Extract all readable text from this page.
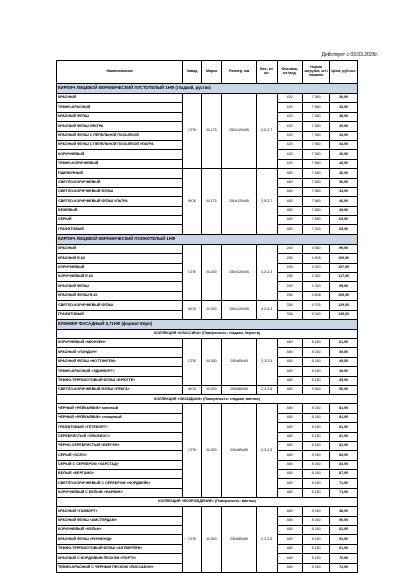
Действует с 03.03.2025г.
Наименование	Завод	Марка	Размер, мм	Вес, кг/шт.	Фасовка, шт./под.	Норма загрузки, шт./машина	Цена, руб./шт.
КИРПИЧ ЛИЦЕВОЙ КЕРАМИЧЕСКИЙ ПУСТОТЕЛЫЙ 1НФ (гладкий, рустик)							
КРАСНЫЙ	СПб	М-175	250х120х65	2,5-2,7	420	7 560	30,90
ТЕМНО-КРАСНЫЙ					420	7 560	33,90
КРАСНЫЙ ФЛЭШ					420	7 560	38,90
КРАСНЫЙ ФЛЭШ УЛЬТРА					420	7 560	40,90
КРАСНЫЙ ФЛЭШ С ПЕПЕЛЬНОЙ ПОСЫПКОЙ					420	7 560	43,90
КРАСНЫЙ ФЛЭШ С ПЕПЕЛЬНОЙ ПОСЫПКОЙ УЛЬТРА					420	7 560	44,90
КОРИЧНЕВЫЙ					420	7 560	40,90
ТЕМНО-КОРИЧНЕВЫЙ					420	7 560	48,90
ПШЕНИЧНЫЙ	МСК	М-175	250х120х65	2,5-2,7	480	7 680	36,90
СВЕТЛО-КОРИЧНЕВЫЙ					480	7 680	36,90
СВЕТЛО-КОРИЧНЕВЫЙ ФЛЭШ					480	7 680	44,90
СВЕТЛО-КОРИЧНЕВЫЙ ФЛЭШ УЛЬТРА					480	7 680	46,90
БЕЖЕВЫЙ					480	7 680	49,90
СЕРЫЙ					480	7 680	63,90
ГРАФИТОВЫЙ					480	7 200	65,90
КИРПИЧ ЛИЦЕВОЙ КЕРАМИЧЕСКИЙ ПОЛНОТЕЛЫЙ 1НФ							
КРАСНЫЙ	СПб	М-400	250х120х65	4,2-4,3	240	4 560	99,90
КРАСНЫЙ R-60					256	4 608	109,90
КОРИЧНЕВЫЙ					240	4 320	107,90
КОРИЧНЕВЫЙ R-60					256	4 352	117,90
КРАСНЫЙ ФЛЭШ					240	4 320	99,90
КРАСНЫЙ ФЛЭШ R-60					256	4 608	109,90
СВЕТЛО-КОРИЧНЕВЫЙ ФЛЭШ	МСК	М-300	250х120х65	4,2-4,3	336	5 376	129,00
ГРАФИТОВЫЙ					336	5 040	139,00
КЛИНКЕР ФАСАДНЫЙ 0,71НФ (формат Евро)							
КОЛЛЕКЦИЯ «КЛАССИКА» (Поверхность: гладкая, береста)							
КОРИЧНЕВЫЙ «МЮНХЕН»	СПб	М-300	250х85х65	2,3-2,5	480	8 160	61,90
КРАСНЫЙ «ЛОНДОН»					480	8 160	49,50
КРАСНЫЙ ФЛЭШ «НОТТИНГЕМ»					480	8 160	49,50
ТЕМНО-КРАСНЫЙ «ЭДИНБУРГ»					480	8 160	49,90
ТЕМНО-ТЕРРАКОТОВЫЙ ФЛЭШ «БРЮГГЕ»					480	8 160	49,90
СВЕТЛО-КОРИЧНЕВЫЙ ФЛЭШ «ПРАГА»	МСК	М-300	250х85х65	2,3-2,5	480	9 640	50,90
КОЛЛЕКЦИЯ «ОБСИДИАН» (Поверхность: гладкая, винтаж)							
ЧЕРНЫЙ «РЕЙКЬЯВИК» матовый	СПб	М-300	250х85х65	2,3-2,5	480	8 160	81,90
ЧЕРНЫЙ «РЕЙКЬЯВИК» глянцевый					480	8 160	81,90
ГРАФИТОВЫЙ «ГЕТЕБОРГ»					480	8 160	81,90
СЕРЕБРИСТЫЙ «ЭЛЬФИОС»					480	8 160	81,90
ЧЕРНО-СЕРЕБРИСТЫЙ «БЕРГЕН»					480	8 160	81,90
СЕРЫЙ «ОСЛО»					480	8 160	83,90
СЕРЫЙ С СЕРЕБРОМ «ХАРСТАД»					480	8 160	83,90
БЕЛЫЙ «БЕРГАМО»					480	8 160	87,90
СВЕТЛО-КОРИЧНЕВЫЙ С СЕРЕБРОМ «НОРДВЕЙК»					480	8 160	71,90
КОРИЧНЕВЫЙ С БЕЛЫМ «НАРВИК»					480	8 160	71,90
КОЛЛЕКЦИЯ «ВОЗРОЖДЕНИЕ» (Поверхность: винтаж)							
КРАСНЫЙ «ГАМБУРГ»	СПб	М-300	250х85х65	2,3-2,5	480	8 160	48,90
КРАСНЫЙ ФЛЭШ «АМСТЕРДАМ»					480	8 160	50,90
КОРИЧНЕВЫЙ «КЕЛЬН»					480	8 160	62,90
КРАСНЫЙ ФЛЭШ «РИЧМОНД»					480	8 160	51,90
ТЕМНО-ТЕРРАКОТОВЫЙ ФЛЭШ «АНТВЕРПЕН»					480	8 160	61,90
КРАСНЫЙ С БОРДОВЫМ ПЕСКОМ «ПОРТУ»					480	8 160	70,90
ТЕМНО-КРАСНЫЙ С ЧЕРНЫМ ПЕСКОМ «ЛИССАБОН»					480	8 160	72,90
